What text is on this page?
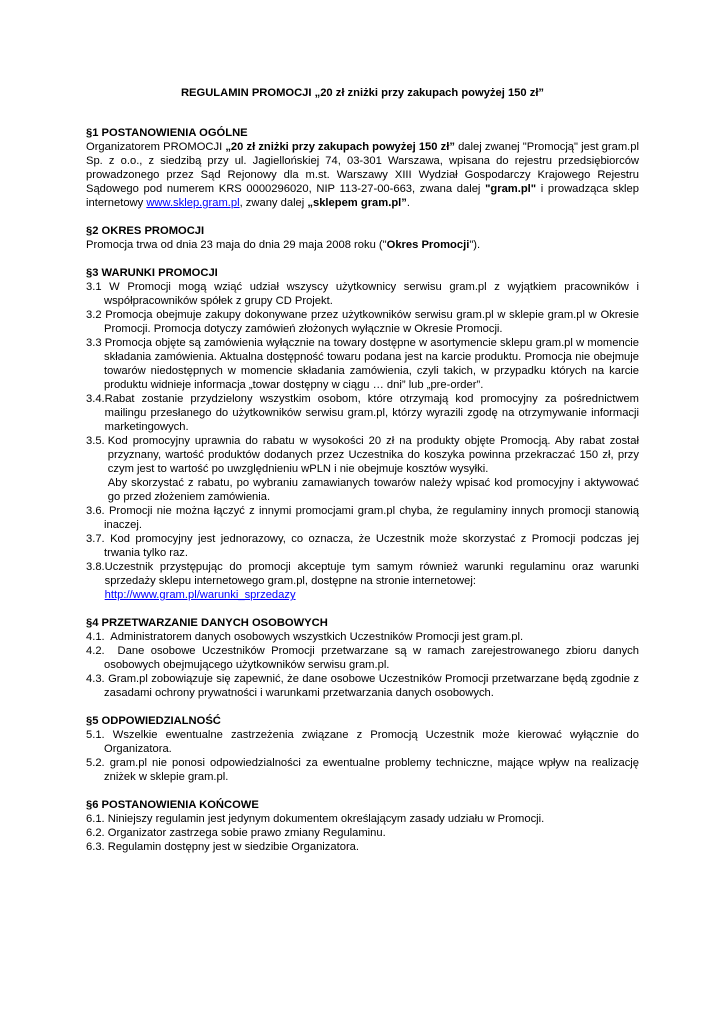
REGULAMIN PROMOCJI „20 zł zniżki przy zakupach powyżej 150 zł”

§1 POSTANOWIENIA OGÓLNE

Organizatorem PROMOCJI „20 zł zniżki przy zakupach powyżej 150 zł” dalej zwanej "Promocją" jest gram.pl Sp. z o.o., z siedzibą przy ul. Jagiellońskiej 74, 03-301 Warszawa, wpisana do rejestru przedsiębiorców prowadzonego przez Sąd Rejonowy dla m.st. Warszawy XIII Wydział Gospodarczy Krajowego Rejestru Sądowego pod numerem KRS 0000296020, NIP 113-27-00-663, zwana dalej "gram.pl" i prowadząca sklep internetowy www.sklep.gram.pl, zwany dalej „sklepem gram.pl”.

§2 OKRES PROMOCJI

Promocja trwa od dnia 23 maja do dnia 29 maja 2008 roku ("Okres Promocji").

§3 WARUNKI PROMOCJI

3.1 W Promocji mogą wziąć udział wszyscy użytkownicy serwisu gram.pl z wyjątkiem pracowników i współpracowników spółek z grupy CD Projekt.

3.2 Promocja obejmuje zakupy dokonywane przez użytkowników serwisu gram.pl w sklepie gram.pl w Okresie Promocji. Promocja dotyczy zamówień złożonych wyłącznie w Okresie Promocji.

3.3 Promocja objęte są zamówienia wyłącznie na towary dostępne w asortymencie sklepu gram.pl w momencie składania zamówienia. Aktualna dostępność towaru podana jest na karcie produktu. Promocja nie obejmuje towarów niedostępnych w momencie składania zamówienia, czyli takich, w przypadku których na karcie produktu widnieje informacja „towar dostępny w ciągu … dni” lub „pre-order”.

3.4. Rabat zostanie przydzielony wszystkim osobom, które otrzymają kod promocyjny za pośrednictwem mailingu przesłanego do użytkowników serwisu gram.pl, którzy wyrazili zgodę na otrzymywanie informacji marketingowych.
3.5. Kod promocyjny uprawnia do rabatu w wysokości 20 zł na produkty objęte Promocją. Aby rabat został przyznany, wartość produktów dodanych przez Uczestnika do koszyka powinna przekraczać 150 zł, przy czym jest to wartość po uwzględnieniu wPLN i nie obejmuje kosztów wysyłki.
Aby skorzystać z rabatu, po wybraniu zamawianych towarów należy wpisać kod promocyjny i aktywować go przed złożeniem zamówienia.

3.6. Promocji nie można łączyć z innymi promocjami gram.pl chyba, że regulaminy innych promocji stanowią inaczej.

3.7. Kod promocyjny jest jednorazowy, co oznacza, że Uczestnik może skorzystać z Promocji podczas jej trwania tylko raz.

3.8. Uczestnik przystępując do promocji akceptuje tym samym również warunki regulaminu oraz warunki sprzedaży sklepu internetowego gram.pl, dostępne na stronie internetowej:
http://www.gram.pl/warunki_sprzedazy

§4 PRZETWARZANIE DANYCH OSOBOWYCH

4.1.  Administratorem danych osobowych wszystkich Uczestników Promocji jest gram.pl.

4.2.  Dane osobowe Uczestników Promocji przetwarzane są w ramach zarejestrowanego zbioru danych osobowych obejmującego użytkowników serwisu gram.pl.

4.3. Gram.pl zobowiązuje się zapewnić, że dane osobowe Uczestników Promocji przetwarzane będą zgodnie z zasadami ochrony prywatności i warunkami przetwarzania danych osobowych.

§5 ODPOWIEDZIALNOŚĆ

5.1. Wszelkie ewentualne zastrzeżenia związane z Promocją Uczestnik może kierować wyłącznie do Organizatora.

5.2. gram.pl nie ponosi odpowiedzialności za ewentualne problemy techniczne, mające wpływ na realizację zniżek w sklepie gram.pl.

§6 POSTANOWIENIA KOŃCOWE

6.1. Niniejszy regulamin jest jedynym dokumentem określającym zasady udziału w Promocji.

6.2. Organizator zastrzega sobie prawo zmiany Regulaminu.

6.3. Regulamin dostępny jest w siedzibie Organizatora.
